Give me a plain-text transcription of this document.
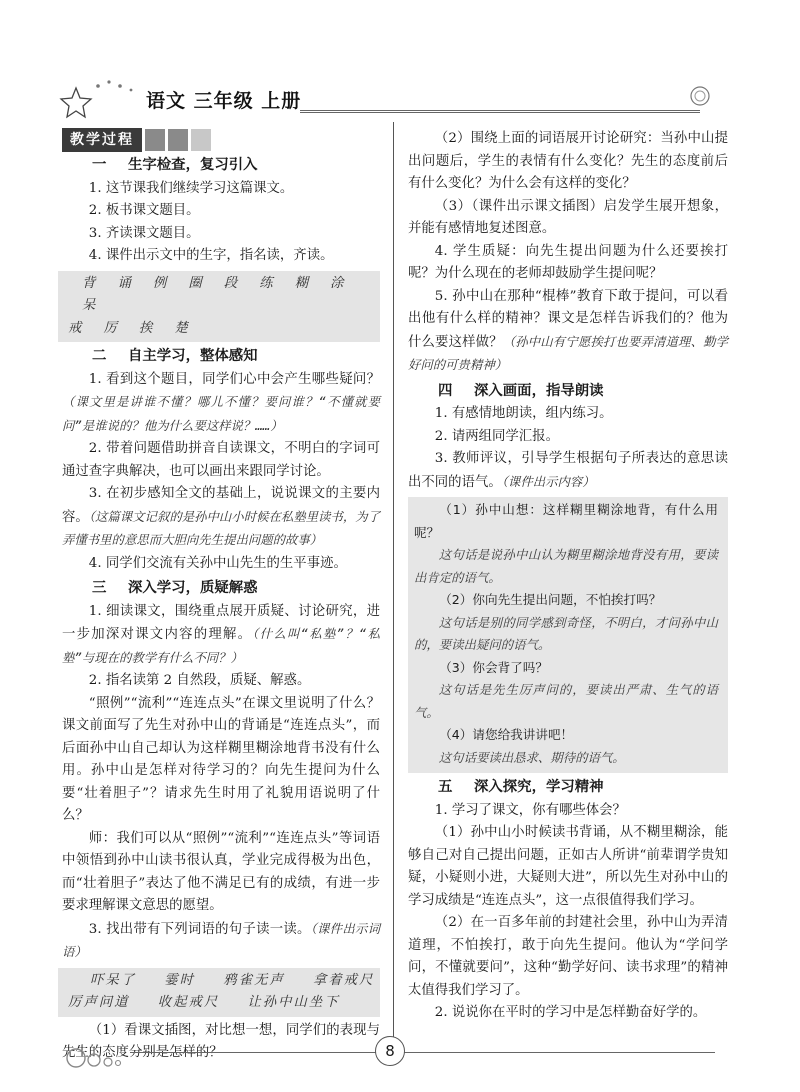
语文 三年级 上册
教学过程
一 生字检查，复习引入

1. 这节课我们继续学习这篇课文。

2. 板书课文题目。

3. 齐读课文题目。

4. 课件出示文中的生字，指名读，齐读。

背 诵 例 圈 段 练 糊 涂 呆
戒 厉 挨 楚
二 自主学习，整体感知

1. 看到这个题目，同学们心中会产生哪些疑问？（课文里是讲谁不懂？哪儿不懂？要问谁？“不懂就要问”是谁说的？他为什么要这样说？……）

2. 带着问题借助拼音自读课文，不明白的字词可通过查字典解决，也可以画出来跟同学讨论。

3. 在初步感知全文的基础上，说说课文的主要内容。（这篇课文记叙的是孙中山小时候在私塾里读书，为了弄懂书里的意思而大胆向先生提出问题的故事）

4. 同学们交流有关孙中山先生的生平事迹。

三 深入学习，质疑解惑

1. 细读课文，围绕重点展开质疑、讨论研究，进一步加深对课文内容的理解。（什么叫“私塾”？“私塾”与现在的教学有什么不同？）

2. 指名读第 2 自然段，质疑、解惑。

“照例”“流利”“连连点头”在课文里说明了什么？课文前面写了先生对孙中山的背诵是“连连点头”，而后面孙中山自己却认为这样糊里糊涂地背书没有什么用。孙中山是怎样对待学习的？向先生提问为什么要“壮着胆子”？请求先生时用了礼貌用语说明了什么？

师：我们可以从“照例”“流利”“连连点头”等词语中领悟到孙中山读书很认真，学业完成得极为出色，而“壮着胆子”表达了他不满足已有的成绩，有进一步要求理解课文意思的愿望。

3. 找出带有下列词语的句子读一读。（课件出示词语）

吓呆了  霎时  鸦雀无声  拿着戒尺
厉声问道  收起戒尺  让孙中山坐下

（1）看课文插图，对比想一想，同学们的表现与先生的态度分别是怎样的？

（2）围绕上面的词语展开讨论研究：当孙中山提出问题后，学生的表情有什么变化？先生的态度前后有什么变化？为什么会有这样的变化？

（3）（课件出示课文插图）启发学生展开想象，并能有感情地复述图意。

4. 学生质疑：向先生提出问题为什么还要挨打呢？为什么现在的老师却鼓励学生提问呢？

5. 孙中山在那种“棍棒”教育下敢于提问，可以看出他有什么样的精神？课文是怎样告诉我们的？他为什么要这样做？（孙中山有宁愿挨打也要弄清道理、勤学好问的可贵精神）

四 深入画面，指导朗读

1. 有感情地朗读，组内练习。

2. 请两组同学汇报。

3. 教师评议，引导学生根据句子所表达的意思读出不同的语气。（课件出示内容）

（1）孙中山想：这样糊里糊涂地背，有什么用呢？

这句话是说孙中山认为糊里糊涂地背没有用，要读出肯定的语气。

（2）你向先生提出问题，不怕挨打吗？

这句话是别的同学感到奇怪，不明白，才问孙中山的，要读出疑问的语气。

（3）你会背了吗？

这句话是先生厉声问的，要读出严肃、生气的语气。

（4）请您给我讲讲吧！

这句话要读出恳求、期待的语气。

五 深入探究，学习精神

1. 学习了课文，你有哪些体会？

（1）孙中山小时候读书背诵，从不糊里糊涂，能够自己对自己提出问题，正如古人所讲“前辈谓学贵知疑，小疑则小进，大疑则大进”，所以先生对孙中山的学习成绩是“连连点头”，这一点很值得我们学习。

（2）在一百多年前的封建社会里，孙中山为弄清道理，不怕挨打，敢于向先生提问。他认为“学问学问，不懂就要问”，这种“勤学好问、读书求理”的精神太值得我们学习了。

2. 说说你在平时的学习中是怎样勤奋好学的。

8
